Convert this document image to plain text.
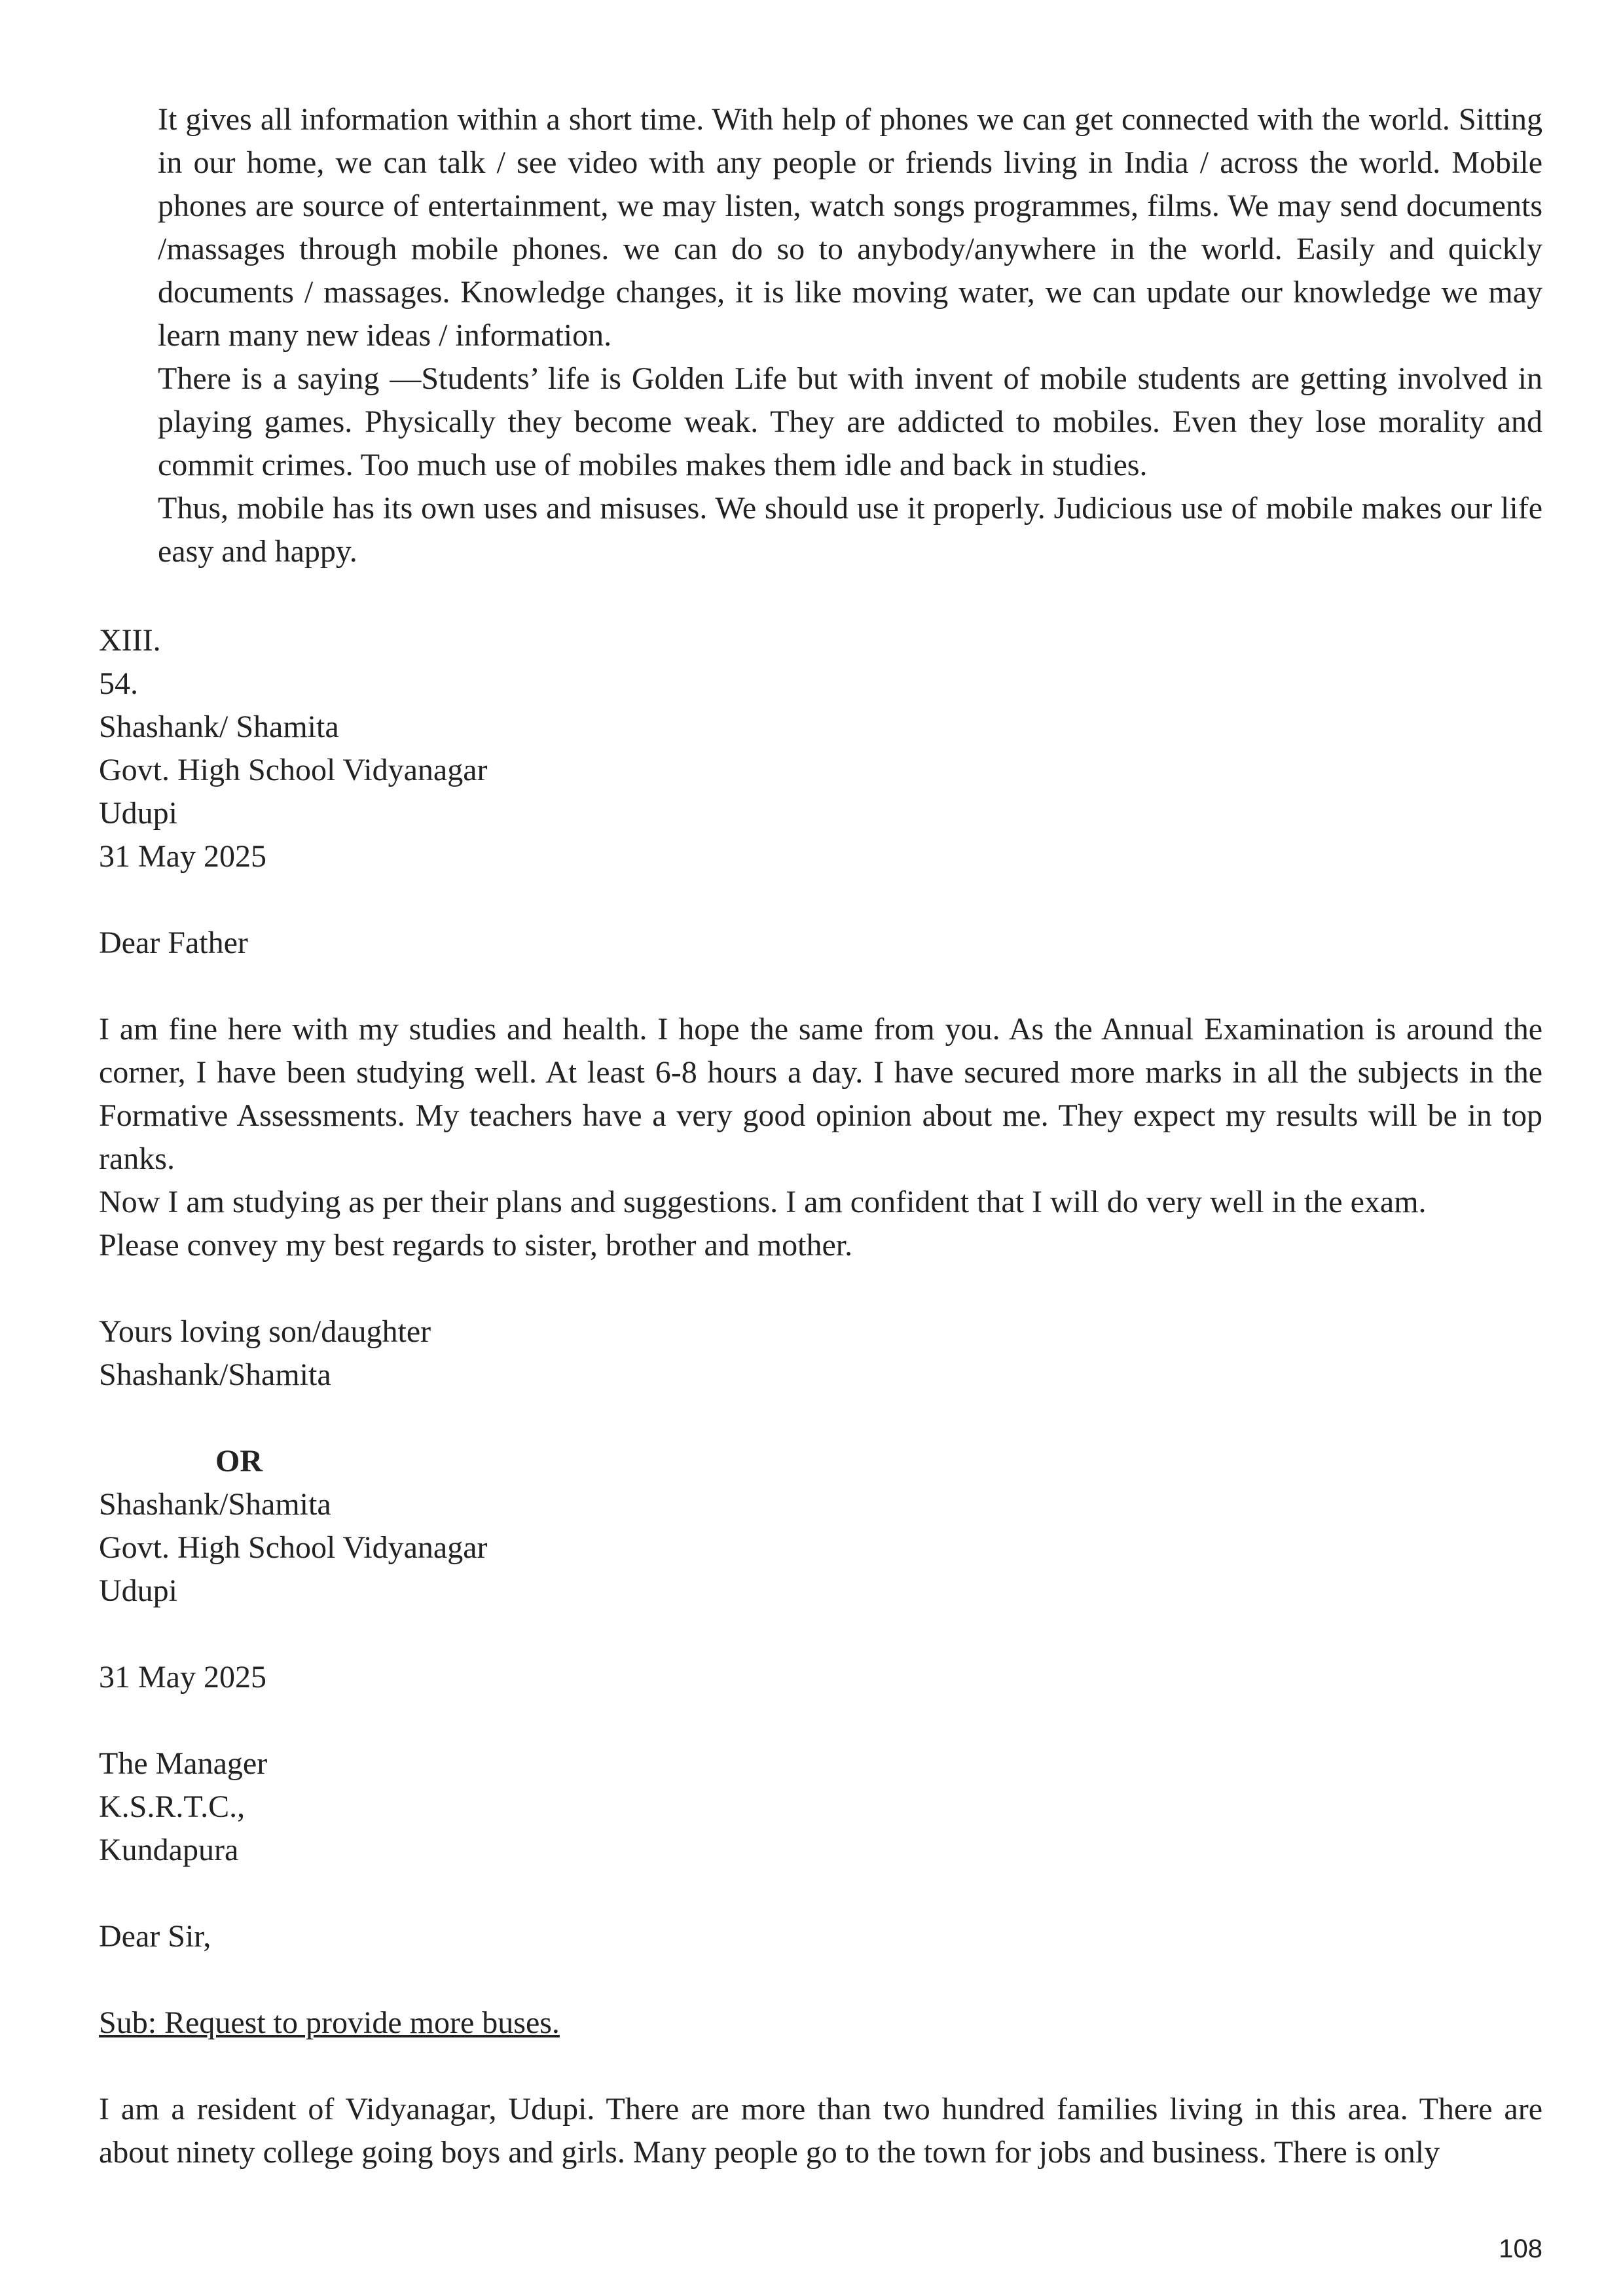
It gives all information within a short time. With help of phones we can get connected with the world. Sitting in our home, we can talk / see video with any people or friends living in India / across the world. Mobile phones are source of entertainment, we may listen, watch songs programmes, films. We may send documents /massages through mobile phones. we can do so to anybody/anywhere in the world. Easily and quickly documents / massages. Knowledge changes, it is like moving water, we can update our knowledge we may learn many new ideas / information.

There is a saying ―Students’ life is Golden Life but with invent of mobile students are getting involved in playing games. Physically they become weak. They are addicted to mobiles. Even they lose morality and commit crimes. Too much use of mobiles makes them idle and back in studies.

Thus, mobile has its own uses and misuses. We should use it properly. Judicious use of mobile makes our life easy and happy.

XIII.
54.
Shashank/ Shamita
Govt. High School Vidyanagar
Udupi
31 May 2025
Dear Father

I am fine here with my studies and health. I hope the same from you. As the Annual Examination is around the corner, I have been studying well. At least 6-8 hours a day. I have secured more marks in all the subjects in the Formative Assessments. My teachers have a very good opinion about me. They expect my results will be in top ranks.

Now I am studying as per their plans and suggestions. I am confident that I will do very well in the exam.
Please convey my best regards to sister, brother and mother.
Yours loving son/daughter
Shashank/Shamita
OR
Shashank/Shamita
Govt. High School Vidyanagar
Udupi
31 May 2025
The Manager
K.S.R.T.C.,
Kundapura
Dear Sir,
Sub: Request to provide more buses.

I am a resident of Vidyanagar, Udupi. There are more than two hundred families living in this area. There are about ninety college going boys and girls. Many people go to the town for jobs and business. There is only

108
